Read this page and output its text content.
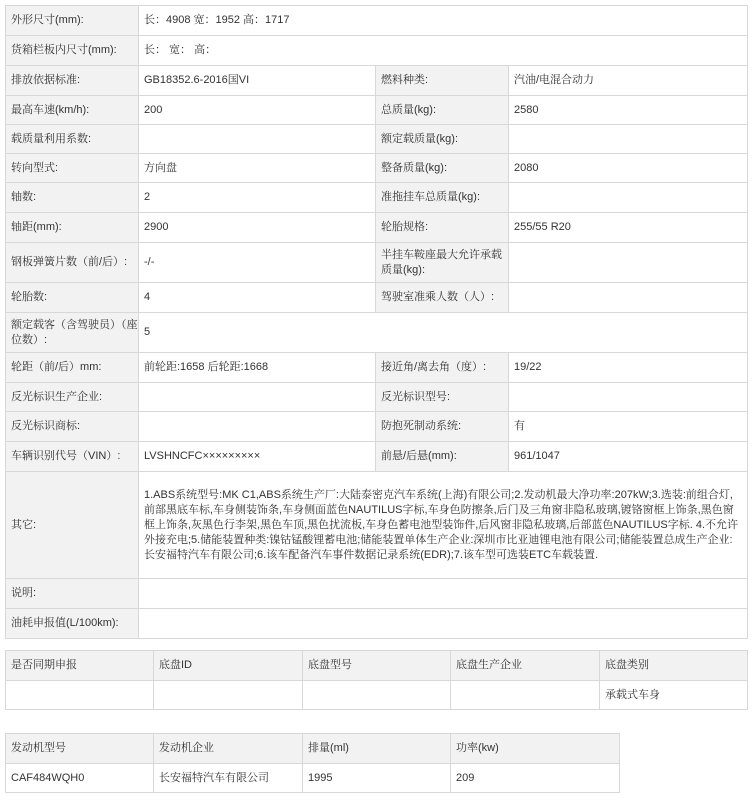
外形尺寸(mm):	长：4908 宽：1952 高：1717		
货箱栏板内尺寸(mm):	长： 宽： 高：		
排放依据标准:	GB18352.6-2016国VI	燃料种类:	汽油/电混合动力
最高车速(km/h):	200	总质量(kg):	2580
载质量利用系数:		额定载质量(kg):	
转向型式:	方向盘	整备质量(kg):	2080
轴数:	2	准拖挂车总质量(kg):	
轴距(mm):	2900	轮胎规格:	255/55 R20
钢板弹簧片数（前/后）:	-/-	半挂车鞍座最大允许承载质量(kg):	
轮胎数:	4	驾驶室准乘人数（人）:	
额定载客（含驾驶员）（座位数）:	5		
轮距（前/后）mm:	前轮距:1658 后轮距:1668	接近角/离去角（度）:	19/22
反光标识生产企业:		反光标识型号:	
反光标识商标:		防抱死制动系统:	有
车辆识别代号（VIN）:	LVSHNCFC×××××××××	前悬/后悬(mm):	961/1047
其它:	1.ABS系统型号:MK C1,ABS系统生产厂:大陆泰密克汽车系统(上海)有限公司;2.发动机最大净功率:207kW;3.选装:前组合灯,前部黑底车标,车身侧装饰条,车身侧面蓝色NAUTILUS字标,车身色防擦条,后门及三角窗非隐私玻璃,镀铬窗框上饰条,黑色窗框上饰条,灰黑色行李架,黑色车顶,黑色扰流板,车身色蓄电池型装饰件,后风窗非隐私玻璃,后部蓝色NAUTILUS字标. 4.不允许外接充电;5.储能装置种类:镍钴锰酸锂蓄电池;储能装置单体生产企业:深圳市比亚迪锂电池有限公司;储能装置总成生产企业:长安福特汽车有限公司;6.该车配备汽车事件数据记录系统(EDR);7.该车型可选装ETC车载装置.		
说明:			
油耗申报值(L/100km):			
是否同期申报	底盘ID	底盘型号	底盘生产企业	底盘类别
				承载式车身
发动机型号	发动机企业	排量(ml)	功率(kw)
CAF484WQH0	长安福特汽车有限公司	1995	209
